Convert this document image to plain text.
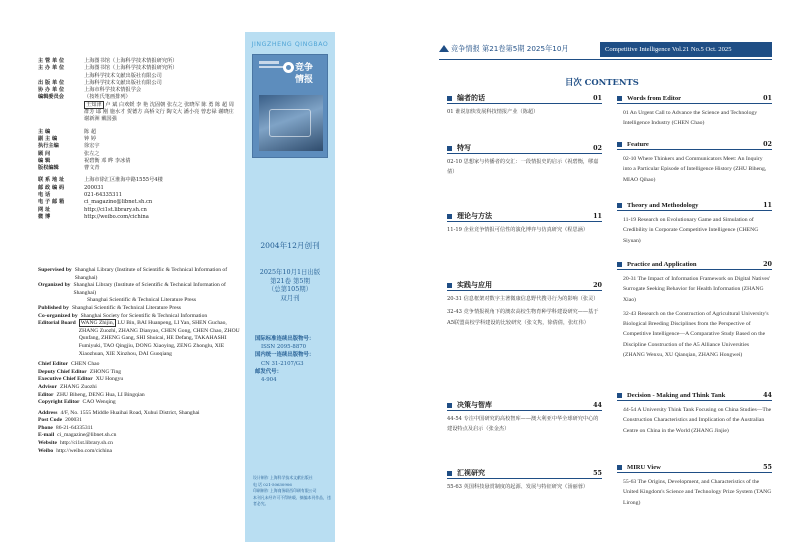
主 管 单 位	上海图书馆（上海科学技术情报研究所）
主 办 单 位	上海图书馆（上海科学技术情报研究所）
上海科学技术文献出版社有限公司
出 版 单 位	上海科学技术文献出版社有限公司
协 办 单 位	上海市科学技术情报学会
编辑委员会	（按姓氏笔画排列）
王知津 卢 斌 白欢媛 李 艳 沈固朝 张左之 张晓军 陈 勇 陈 超 周群芳 耶 刚 施水才 贺德方 高桥文行 陶文大 潘小亮 曾忠禄 谢晓庄 谢新洲 戴国强
主 编	陈 超
副 主 编	钟 婷
执行主编	徐宏宇
顾 问	张左之
编 辑	祝碧衡 邓 晔 李冰倩
版权编辑	曹文青
联 系 地 址	上海市徐汇区淮海中路1555号4楼
邮 政 编 码	200031
电 话	021-64335311
电 子 邮 箱	ci_magazine@libnet.sh.cn
网 址	http://ci1st.library.sh.cn
微 博	http://weibo.com/cichina
Supervised by Shanghai Library (Institute of Scientific & Technical Information of Shanghai)
Organized by Shanghai Library (Institute of Scientific & Technical Information of Shanghai)
Shanghai Scientific & Technical Literature Press
Published by Shanghai Scientific & Technical Literature Press
Co-organized by Shanghai Society for Scientific & Technical Information
Editorial Board WANG Zhijin, LU Bin, BAI Huanpeng, LI Yan, SHEN Guchao, ZHANG Zuozhi, ZHANG Dianyao, CHEN Gong, CHEN Chao, ZHOU Qunfang, ZHENG Gang, SHI Shuicai, HE Defang, TAKAHASHI Fumiyuki, TAO Qingjiu, DONG Xiaoying, ZENG Zhonglu, XIE Xiaozhuan, XIE Xinzhou, DAI Guoqiang
Chief Editor CHEN Chao
Deputy Chief Editor ZHONG Ting
Executive Chief Editor XU Hongyu
Advisor ZHANG Zuozhi
Editor ZHU Biheng, DENG Hua, LI Bingqian
Copyright Editor CAO Wenqing
Address 4/F, No. 1555 Middle Huaihai Road, Xuhui District, Shanghai
Post Code 200031
Phone 86-21-64335311
E-mail ci_magazine@libnet.sh.cn
Website http://ci1st.library.sh.cn
Weibo http://weibo.com/cichina
JINGZHENG QINGBAO
竞争
情报
2004年12月创刊
2025年10月1日出版
第21卷 第5期
（总第105期）
双月刊
国际标准连续出版物号：
ISSN 2095-8870
国内统一连续出版物号：
CN 31-2107/G3
邮发代号：
4-904
设计制作 上海科学技术文献出版社
电 话 021-50630906
印刷制作 上海商务联西印刷有限公司
本刊凡未经许可不得转载、摘编本刊作品，违者必究。
竞争情报 第21卷第5期 2025年10月	Competitive Intelligence Vol.21 No.5 Oct. 2025
目次 CONTENTS
编者的话	01
01 谁说加快发展科技情报产业（陈超）
特写	02
02-10 思想家与传播者的交汇：一段情报史的启示（祝碧衡，缪嘉倩）
理论与方法	11
11-19 企业竞争情报可信性的演化博弈与仿真研究（程思涵）
实践与应用	20
20-31 信息框架对数字主著微康信息野代搜寻行为的影响（张灵）
32-43 竞争情报视角下的澳农高校生物育种学科建设研究——基于A5联盟高校学科建设的比较研究（张文隽，徐倩倩，张红伟）
决策与智库	44
44-54 专注中国研究的高校智库——澳大利亚中华全球研究中心的建设特点及启示（张金杰）
汇视研究	55
55-63 英国科技悬赏制度的起源、发展与特征研究（汤丽蓉）
Words from Editor	01
01 An Urgent Call to Advance the Science and Technology Intelligence Industry (CHEN Chao)
Feature	02
02-10 Where Thinkers and Communicators Meet: An Inquiry into a Particular Episode of Intelligence History (ZHU Biheng, MIAO Qihao)
Theory and Methodology	11
11-19 Research on Evolutionary Game and Simulation of Credibility in Corporate Competitive Intelligence (CHENG Siyuan)
Practice and Application	20
20-31 The Impact of Information Framework on Digital Natives' Surrogate Seeking Behavior for Health Information (ZHANG Xiao)
32-43 Research on the Construction of Agricultural University's Biological Breeding Disciplines from the Perspective of Competitive Intelligence—A Comparative Study Based on the Discipline Construction of the A5 Alliance Universities (ZHANG Wenxu, XU Qianqian, ZHANG Hongwei)
Decision - Making and Think Tank	44
44-54 A University Think Tank Focusing on China Studies—The Construction Characteristics and Implication of the Australian Centre on China in the World (ZHANG Jinjie)
MIRU View	55
55-63 The Origins, Development, and Characteristics of the United Kingdom's Science and Technology Prize System (TANG Lirong)
